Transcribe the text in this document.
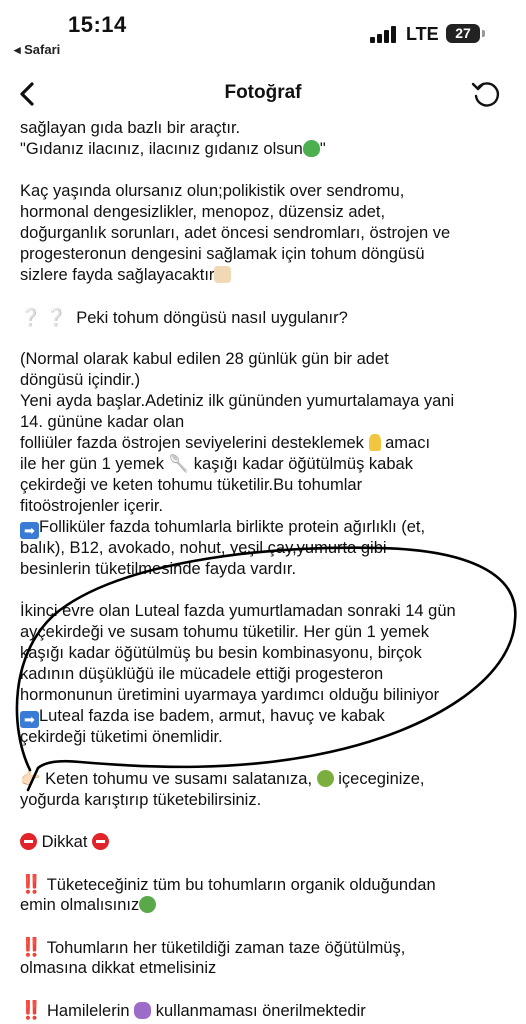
15:14
◂ Safari
LTE	27
Fotoğraf
sağlayan gıda bazlı bir araçtır.
"Gıdanız ilacınız, ilacınız gıdanız olsun "
Kaç yaşında olursanız olun;polikistik over sendromu,
hormonal dengesizlikler, menopoz, düzensiz adet,
doğurganlık sorunları, adet öncesi sendromları, östrojen ve
progesteronun dengesini sağlamak için tohum döngüsü
sizlere fayda sağlayacaktır
❔ ❔ Peki tohum döngüsü nasıl uygulanır?
(Normal olarak kabul edilen 28 günlük gün bir adet
döngüsü içindir.)
Yeni ayda başlar.Adetiniz ilk gününden yumurtalamaya yani
14. gününe kadar olan
folliüler fazda östrojen seviyelerini desteklemek amacı
ile her gün 1 yemek 🥄 kaşığı kadar öğütülmüş kabak
çekirdeği ve keten tohumu tüketilir.Bu tohumlar
fitoöstrojenler içerir.
➡ Folliküler fazda tohumlarla birlikte protein ağırlıklı (et,
balık), B12, avokado, nohut, yeşil çay,yumurta gibi
besinlerin tüketilmesinde fayda vardır.
İkinci evre olan Luteal fazda yumurtlamadan sonraki 14 gün
ayçekirdeği ve susam tohumu tüketilir. Her gün 1 yemek
kaşığı kadar öğütülmüş bu besin kombinasyonu, birçok
kadının düşüklüğü ile mücadele ettiği progesteron
hormonunun üretimini uyarmaya yardımcı olduğu biliniyor
➡ Luteal fazda ise badem, armut, havuç ve kabak
çekirdeği tüketimi önemlidir.
👉🏻 Keten tohumu ve susamı salatanıza, içeceginize,
yoğurda karıştırıp tüketebilirsiniz.
Dikkat
‼️ Tüketeceğiniz tüm bu tohumların organik olduğundan
emin olmalısınız
‼️ Tohumların her tüketildiği zaman taze öğütülmüş,
olmasına dikkat etmelisiniz
‼️ Hamilelerin kullanmaması önerilmektedir
